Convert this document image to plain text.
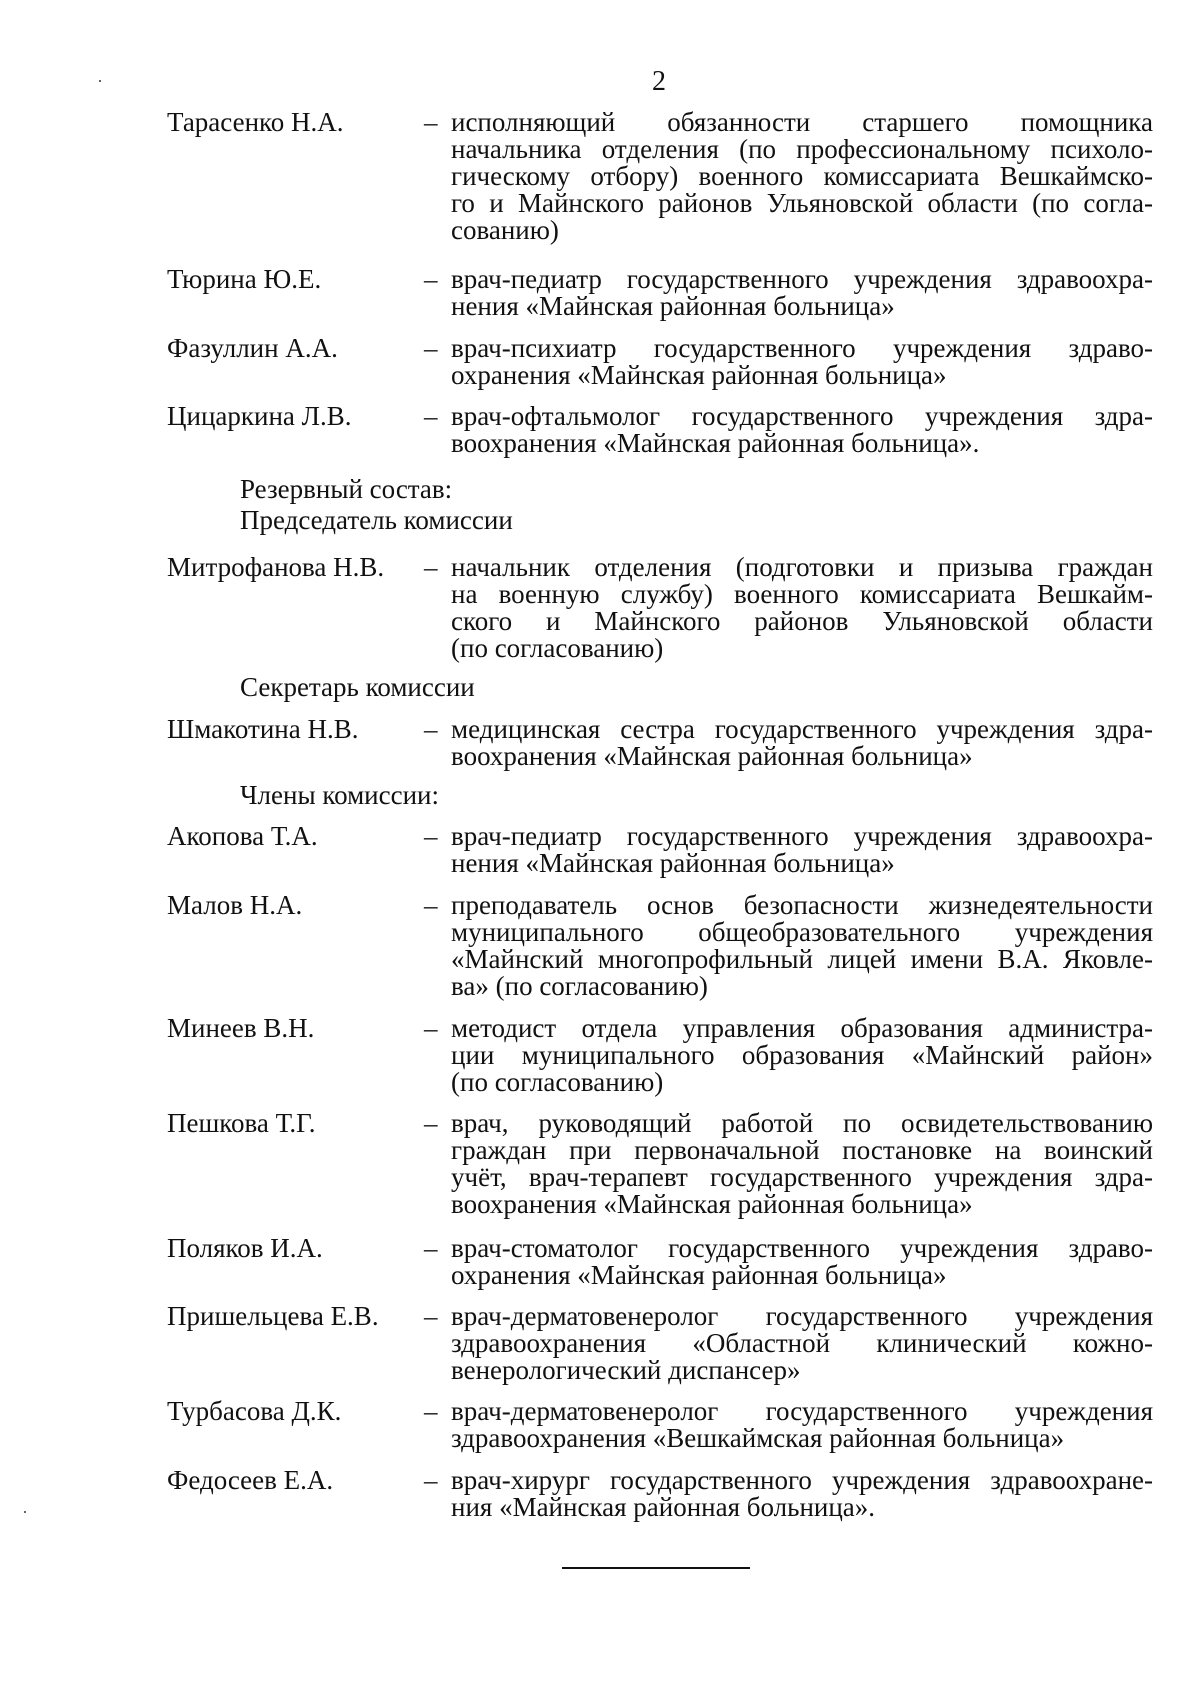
2
Тарасенко Н.А.	– исполняющий обязанности старшего помощника
начальника отделения (по профессиональному психоло-
гическому отбору) военного комиссариата Вешкаймско-
го и Майнского районов Ульяновской области (по согла-
сованию)
Тюрина Ю.Е.	– врач-педиатр государственного учреждения здравоохра-
нения «Майнская районная больница»
Фазуллин А.А.	– врач-психиатр государственного учреждения здраво-
охранения «Майнская районная больница»
Цицаркина Л.В.	– врач-офтальмолог государственного учреждения здра-
воохранения «Майнская районная больница».
Резервный состав:
Председатель комиссии
Митрофанова Н.В. – начальник отделения (подготовки и призыва граждан
на военную службу) военного комиссариата Вешкайм-
ского и Майнского районов Ульяновской области
(по согласованию)
Секретарь комиссии
Шмакотина Н.В. – медицинская сестра государственного учреждения здра-
воохранения «Майнская районная больница»
Члены комиссии:
Акопова Т.А.	– врач-педиатр государственного учреждения здравоохра-
нения «Майнская районная больница»
Малов Н.А.	– преподаватель основ безопасности жизнедеятельности
муниципального общеобразовательного учреждения
«Майнский многопрофильный лицей имени В.А. Яковле-
ва» (по согласованию)
Минеев В.Н.	– методист отдела управления образования администра-
ции муниципального образования «Майнский район»
(по согласованию)
Пешкова Т.Г.	– врач, руководящий работой по освидетельствованию
граждан при первоначальной постановке на воинский
учёт, врач-терапевт государственного учреждения здра-
воохранения «Майнская районная больница»
Поляков И.А.	– врач-стоматолог государственного учреждения здраво-
охранения «Майнская районная больница»
Пришельцева Е.В. – врач-дерматовенеролог государственного учреждения
здравоохранения «Областной клинический кожно-
венерологический диспансер»
Турбасова Д.К.	– врач-дерматовенеролог государственного учреждения
здравоохранения «Вешкаймская районная больница»
Федосеев Е.А.	– врач-хирург государственного учреждения здравоохране-
ния «Майнская районная больница».
